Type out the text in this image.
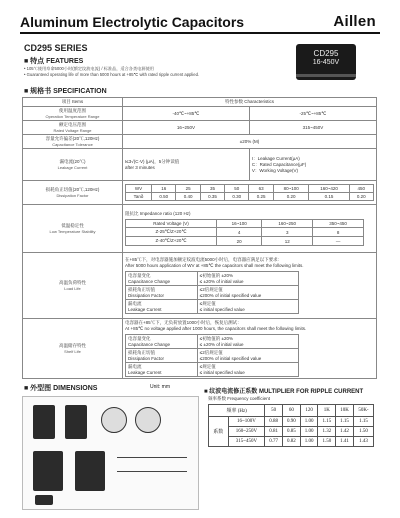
Aluminum Electrolytic Capacitors	Aillen
CD295 SERIES
■ 特点 FEATURES
• 105℃使用寿命5000小时(额定纹波电流) / 标准品，适合各类电源使用
• Guaranteed operating life of more than 5000 hours at +85℃ with rated ripple current applied.
CD295
16-450V
■ 规格书 SPECIFICATION
项目 Items	特性参数 Characteristics
使用温度范围
Operation Temperature Range
	-40℃~+85℃	-25℃~+85℃
额定电压范围
Rated Voltage Range
	16~250V	315~450V
容量允许偏差(20℃,120Hz)
Capacitance Tolerance
	±20% (M)
漏电流(20℃)
Leakage Current

I≤3√(C·V) (μA)，5分钟读值
after 3 minutes

I：Leakage Current(μA)
C：Rated Capacitance(μF)
V：Working Voltage(V)

损耗角正切值(20℃,120Hz)
Dissipation Factor

WV	16	25	35	50	63	80~100	160~420	450
Tanδ	0.50	0.40	0.35	0.30	0.25	0.20	0.15	0.20

低温稳定性
Low Temperature Stability

阻抗比 Impedance ratio (120 Hz)
Rated Voltage (V)	16~100	160~250	350~450
Z-25℃/Z+20℃	4	3	8
Z-40℃/Z+20℃	20	12	—

高温负荷特性
Load Life

在+85℃下，对电容器施加额定纹波电流5000小时后，电容器应满足以下要求：
After 5000 hours application of WV at +85℃ the capacitors shall meet the following limits.
电容量变化
Capacitance Change

≤初始值的 ±20%
≤ ±20% of initial value

损耗角正切值
Dissipation Factor

≤2倍规定值
≤200% of initial specified value

漏电流
Leakage Current

≤规定值
≤ initial specified value

高温储存特性
Shelf Life

电容器在+85℃下，无负荷放置1000小时后，恢复后测试：
At +85℃ no voltage applied after 1000 hours, the capacitors shall meet the following limits.
电容量变化
Capacitance Change

≤初始值的 ±20%
≤ ±20% of initial value

损耗角正切值
Dissipation Factor

≤2倍规定值
≤200% of initial specified value

漏电流
Leakage Current

≤规定值
≤ initial specified value
■ 外型图 DIMENSIONS	Unit: mm
■ 纹波电流修正系数 MULTIPLIER FOR RIPPLE CURRENT
频率系数 Frequency coefficient
频率 (Hz)		50	60	120	1K	10K	50K-
系数	16~100V	0.88	0.90	1.00	1.15	1.15	1.15
	160~250V	0.81	0.85	1.00	1.32	1.42	1.50
	315~450V	0.77	0.82	1.00	1.50	1.41	1.43
